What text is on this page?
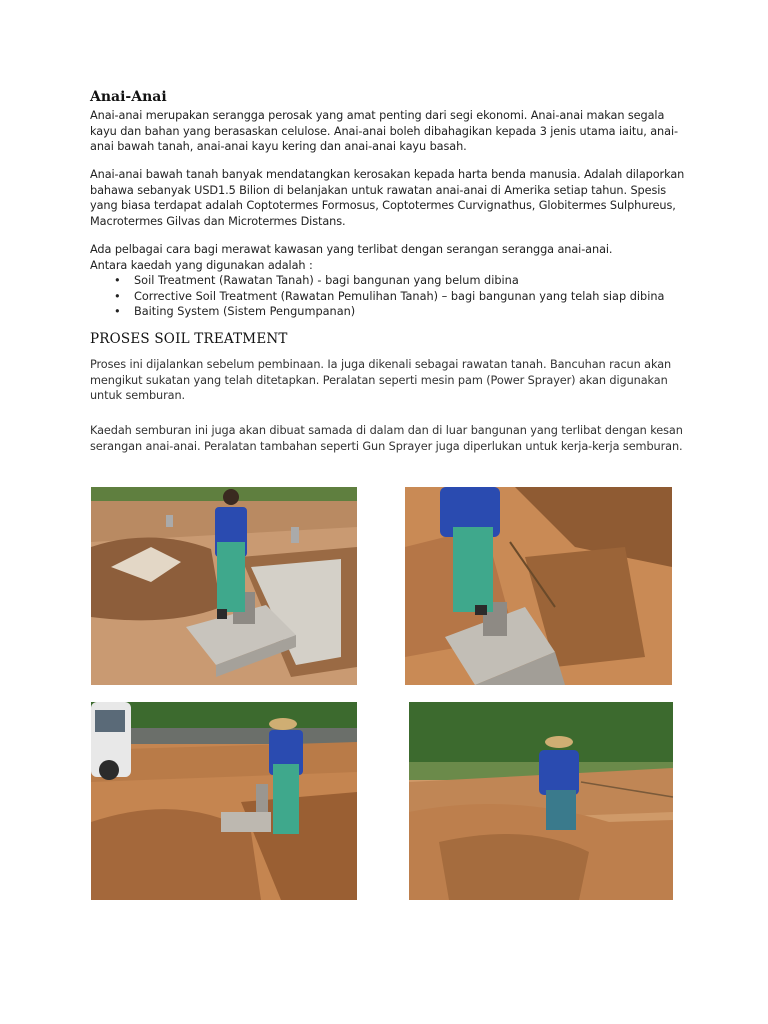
Anai-Anai
Anai-anai merupakan serangga perosak yang amat penting dari segi ekonomi. Anai-anai makan segala kayu dan bahan yang berasaskan celulose. Anai-anai boleh dibahagikan kepada 3 jenis utama iaitu, anai-anai bawah tanah, anai-anai kayu kering dan anai-anai kayu basah.
Anai-anai bawah tanah banyak mendatangkan kerosakan kepada harta benda manusia. Adalah dilaporkan bahawa sebanyak USD1.5 Bilion di belanjakan untuk rawatan anai-anai di Amerika setiap tahun. Spesis yang biasa terdapat adalah Coptotermes Formosus, Coptotermes Curvignathus, Globitermes Sulphureus, Macrotermes Gilvas dan Microtermes Distans.
Ada pelbagai cara bagi merawat kawasan yang terlibat dengan serangan serangga anai-anai.
Antara kaedah yang digunakan adalah :
• Soil Treatment (Rawatan Tanah) - bagi bangunan yang belum dibina
• Corrective Soil Treatment (Rawatan Pemulihan Tanah) – bagi bangunan yang telah siap dibina
• Baiting System (Sistem Pengumpanan)
PROSES SOIL TREATMENT
Proses ini dijalankan sebelum pembinaan. Ia juga dikenali sebagai rawatan tanah. Bancuhan racun akan mengikut sukatan yang telah ditetapkan. Peralatan seperti mesin pam (Power Sprayer) akan digunakan untuk semburan.
Kaedah semburan ini juga akan dibuat samada di dalam dan di luar bangunan yang terlibat dengan kesan serangan anai-anai. Peralatan tambahan seperti Gun Sprayer juga diperlukan untuk kerja-kerja semburan.
